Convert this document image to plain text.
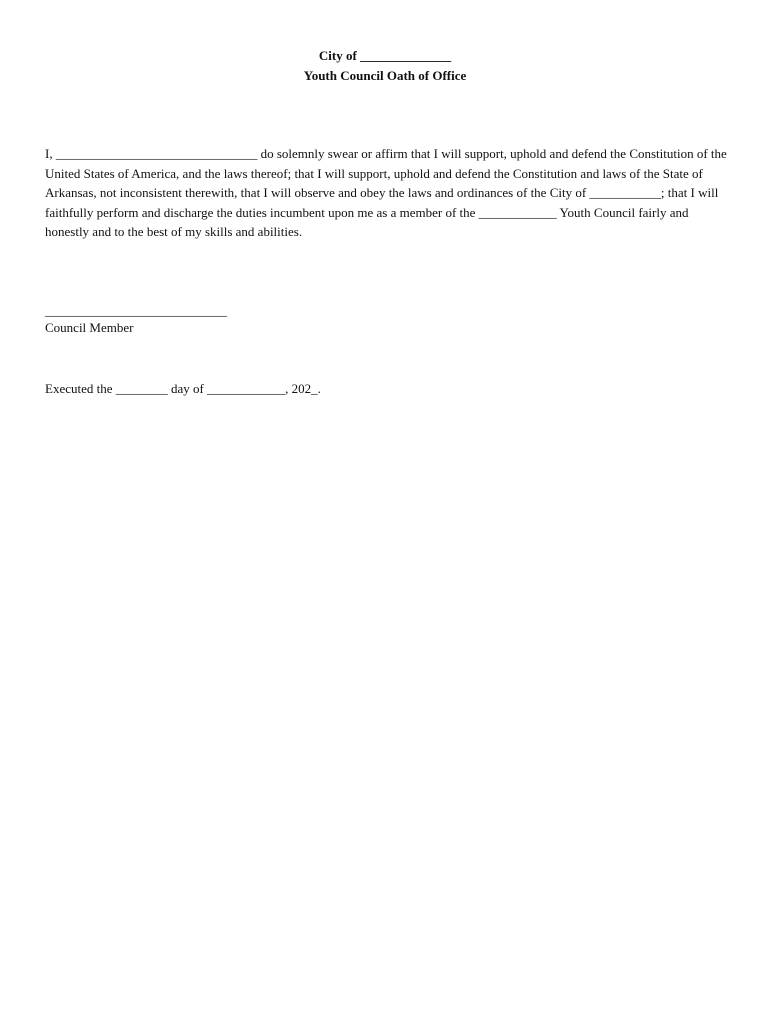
City of ______________
Youth Council Oath of Office

I, _______________________________ do solemnly swear or affirm that I will support, uphold and defend the Constitution of the United States of America, and the laws thereof; that I will support, uphold and defend the Constitution and laws of the State of Arkansas, not inconsistent therewith, that I will observe and obey the laws and ordinances of the City of ___________; that I will faithfully perform and discharge the duties incumbent upon me as a member of the ____________ Youth Council fairly and honestly and to the best of my skills and abilities.

____________________________
Council Member
Executed the ________ day of ____________, 202_.
